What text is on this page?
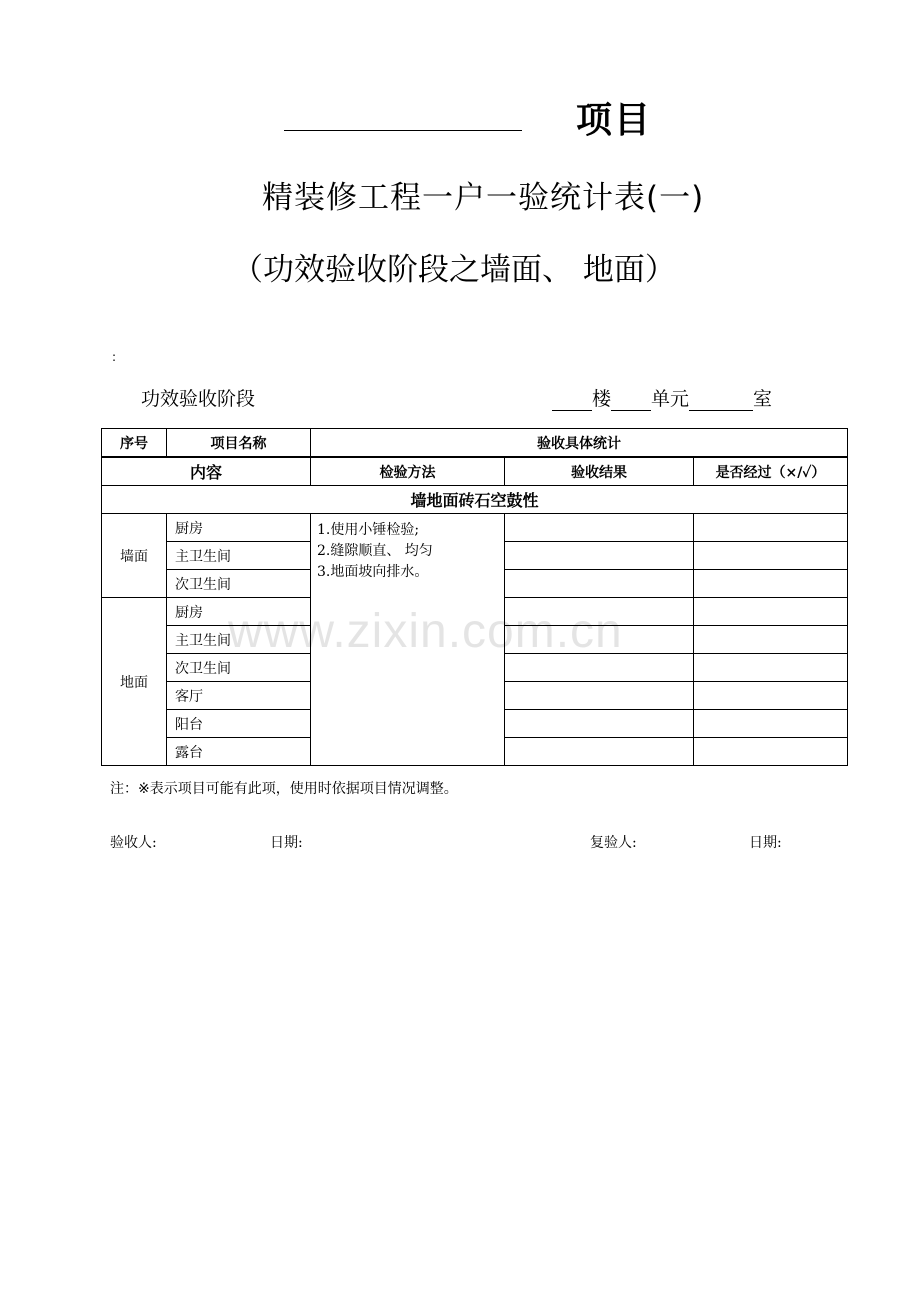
项目
精装修工程一户一验统计表(一)
（功效验收阶段之墙面、 地面）
:
功效验收阶段	楼 单元	室
序号	项目名称	验收具体统计		
内容		检验方法	验收结果	是否经过（×/✓）
墙地面砖石空鼓性				
墙面	厨房	1.使用小锤检验;
2.缝隙顺直、 均匀
3.地面坡向排水。		

	主卫生间			
	次卫生间			
地面	厨房			
	主卫生间			
	次卫生间			
	客厅			
	阳台			
	露台			
注：※表示项目可能有此项，使用时依据项目情况调整。
验收人:	日期:	复验人:	日期:
www.zixin.com.cn
